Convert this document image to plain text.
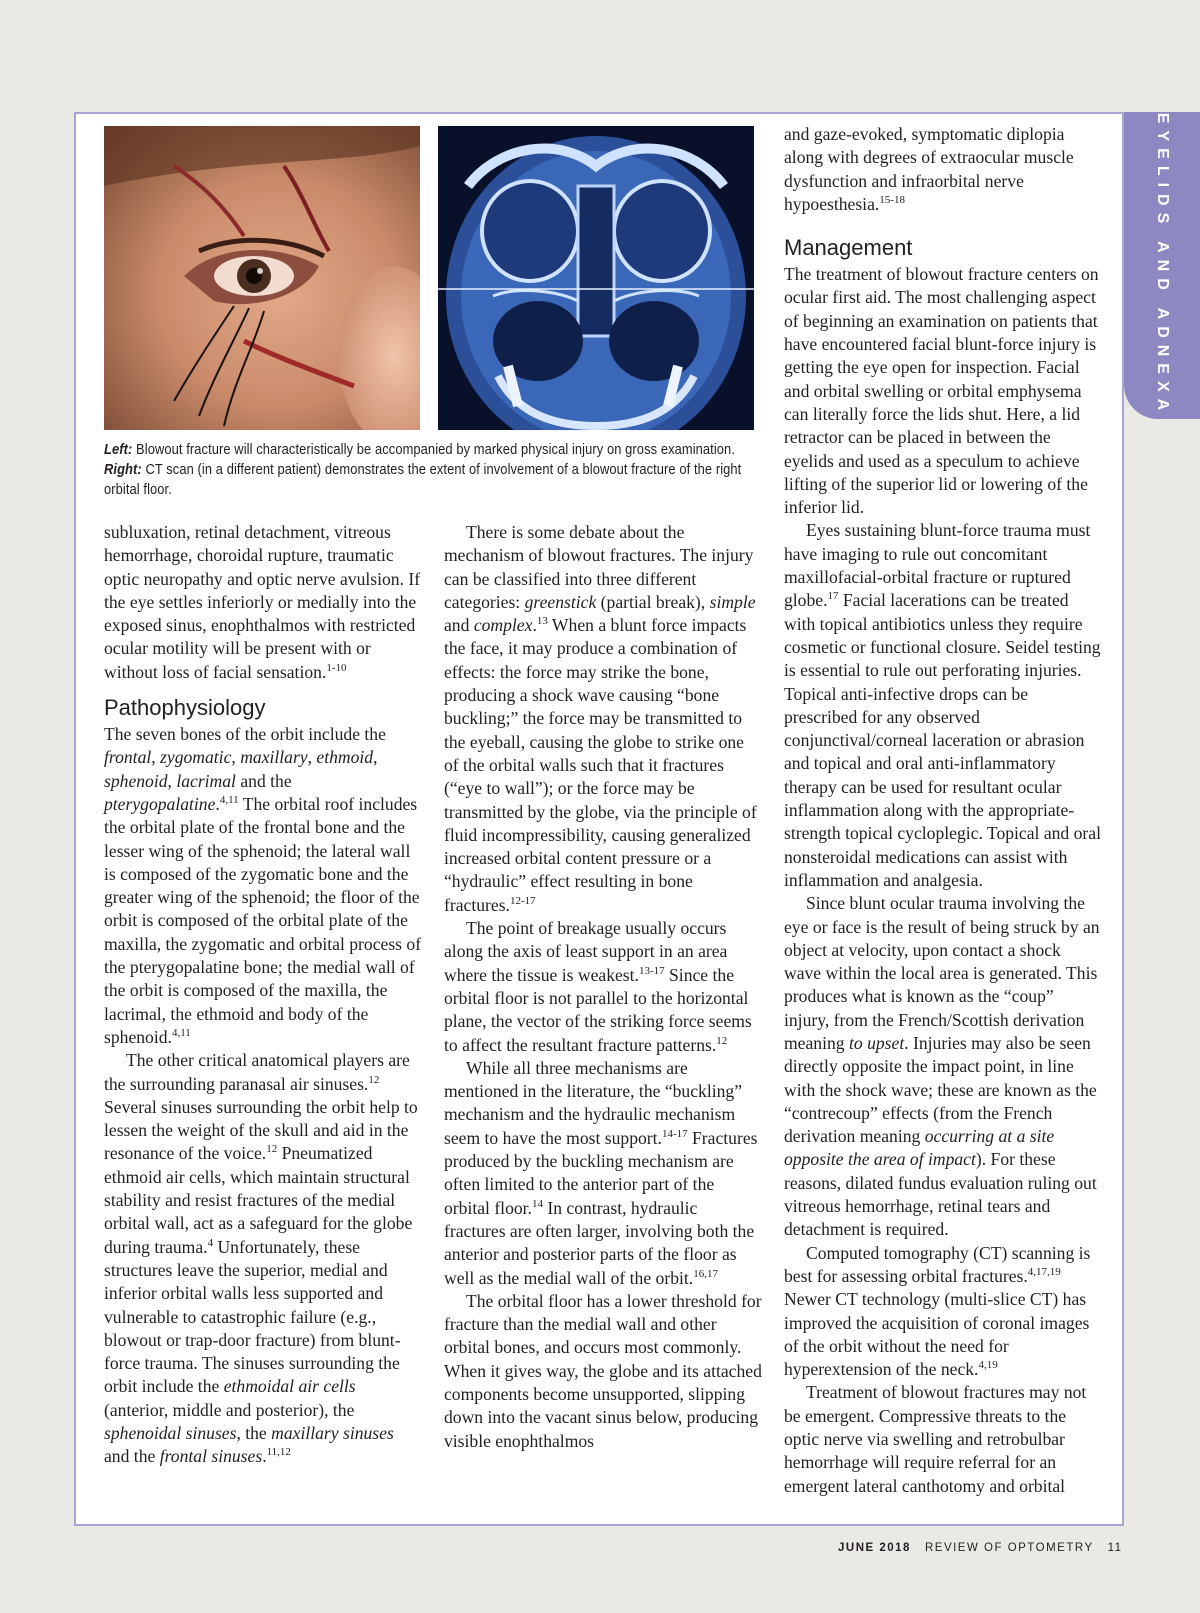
EYELIDS AND ADNEXA
Left: Blowout fracture will characteristically be accompanied by marked physical injury on gross examination. Right: CT scan (in a different patient) demonstrates the extent of involvement of a blowout fracture of the right orbital floor.

subluxation, retinal detachment, vitreous hemorrhage, choroidal rupture, traumatic optic neuropathy and optic nerve avulsion. If the eye settles inferiorly or medially into the exposed sinus, enophthalmos with restricted ocular motility will be present with or without loss of facial sensation.$^{1-10}$

Pathophysiology

The seven bones of the orbit include the frontal, zygomatic, maxillary, ethmoid, sphenoid, lacrimal and the pterygopalatine.$^{4,11}$ The orbital roof includes the orbital plate of the frontal bone and the lesser wing of the sphenoid; the lateral wall is composed of the zygomatic bone and the greater wing of the sphenoid; the floor of the orbit is composed of the orbital plate of the maxilla, the zygomatic and orbital process of the pterygopalatine bone; the medial wall of the orbit is composed of the maxilla, the lacrimal, the ethmoid and body of the sphenoid.$^{4,11}$

The other critical anatomical players are the surrounding paranasal air sinuses.$^{12}$ Several sinuses surrounding the orbit help to lessen the weight of the skull and aid in the resonance of the voice.$^{12}$ Pneumatized ethmoid air cells, which maintain structural stability and resist fractures of the medial orbital wall, act as a safeguard for the globe during trauma.$^4$ Unfortunately, these structures leave the superior, medial and inferior orbital walls less supported and vulnerable to catastrophic failure (e.g., blowout or trap-door fracture) from blunt-force trauma. The sinuses surrounding the orbit include the ethmoidal air cells (anterior, middle and posterior), the sphenoidal sinuses, the maxillary sinuses and the frontal sinuses.$^{11,12}$

There is some debate about the mechanism of blowout fractures. The injury can be classified into three different categories: greenstick (partial break), simple and complex.$^{13}$ When a blunt force impacts the face, it may produce a combination of effects: the force may strike the bone, producing a shock wave causing “bone buckling;” the force may be transmitted to the eyeball, causing the globe to strike one of the orbital walls such that it fractures (“eye to wall”); or the force may be transmitted by the globe, via the principle of fluid incompressibility, causing generalized increased orbital content pressure or a “hydraulic” effect resulting in bone fractures.$^{12-17}$

The point of breakage usually occurs along the axis of least support in an area where the tissue is weakest.$^{13-17}$ Since the orbital floor is not parallel to the horizontal plane, the vector of the striking force seems to affect the resultant fracture patterns.$^{12}$

While all three mechanisms are mentioned in the literature, the “buckling” mechanism and the hydraulic mechanism seem to have the most support.$^{14-17}$ Fractures produced by the buckling mechanism are often limited to the anterior part of the orbital floor.$^{14}$ In contrast, hydraulic fractures are often larger, involving both the anterior and posterior parts of the floor as well as the medial wall of the orbit.$^{16,17}$

The orbital floor has a lower threshold for fracture than the medial wall and other orbital bones, and occurs most commonly. When it gives way, the globe and its attached components become unsupported, slipping down into the vacant sinus below, producing visible enophthalmos

and gaze-evoked, symptomatic diplopia along with degrees of extraocular muscle dysfunction and infraorbital nerve hypoesthesia.$^{15-18}$

Management

The treatment of blowout fracture centers on ocular first aid. The most challenging aspect of beginning an examination on patients that have encountered facial blunt-force injury is getting the eye open for inspection. Facial and orbital swelling or orbital emphysema can literally force the lids shut. Here, a lid retractor can be placed in between the eyelids and used as a speculum to achieve lifting of the superior lid or lowering of the inferior lid.

Eyes sustaining blunt-force trauma must have imaging to rule out concomitant maxillofacial-orbital fracture or ruptured globe.$^{17}$ Facial lacerations can be treated with topical antibiotics unless they require cosmetic or functional closure. Seidel testing is essential to rule out perforating injuries. Topical anti-infective drops can be prescribed for any observed conjunctival/corneal laceration or abrasion and topical and oral anti-inflammatory therapy can be used for resultant ocular inflammation along with the appropriate-strength topical cycloplegic. Topical and oral nonsteroidal medications can assist with inflammation and analgesia.

Since blunt ocular trauma involving the eye or face is the result of being struck by an object at velocity, upon contact a shock wave within the local area is generated. This produces what is known as the “coup” injury, from the French/Scottish derivation meaning to upset. Injuries may also be seen directly opposite the impact point, in line with the shock wave; these are known as the “contrecoup” effects (from the French derivation meaning occurring at a site opposite the area of impact). For these reasons, dilated fundus evaluation ruling out vitreous hemorrhage, retinal tears and detachment is required.

Computed tomography (CT) scanning is best for assessing orbital fractures.$^{4,17,19}$ Newer CT technology (multi-slice CT) has improved the acquisition of coronal images of the orbit without the need for hyperextension of the neck.$^{4,19}$

Treatment of blowout fractures may not be emergent. Compressive threats to the optic nerve via swelling and retrobulbar hemorrhage will require referral for an emergent lateral canthotomy and orbital

JUNE 2018 REVIEW OF OPTOMETRY 11
